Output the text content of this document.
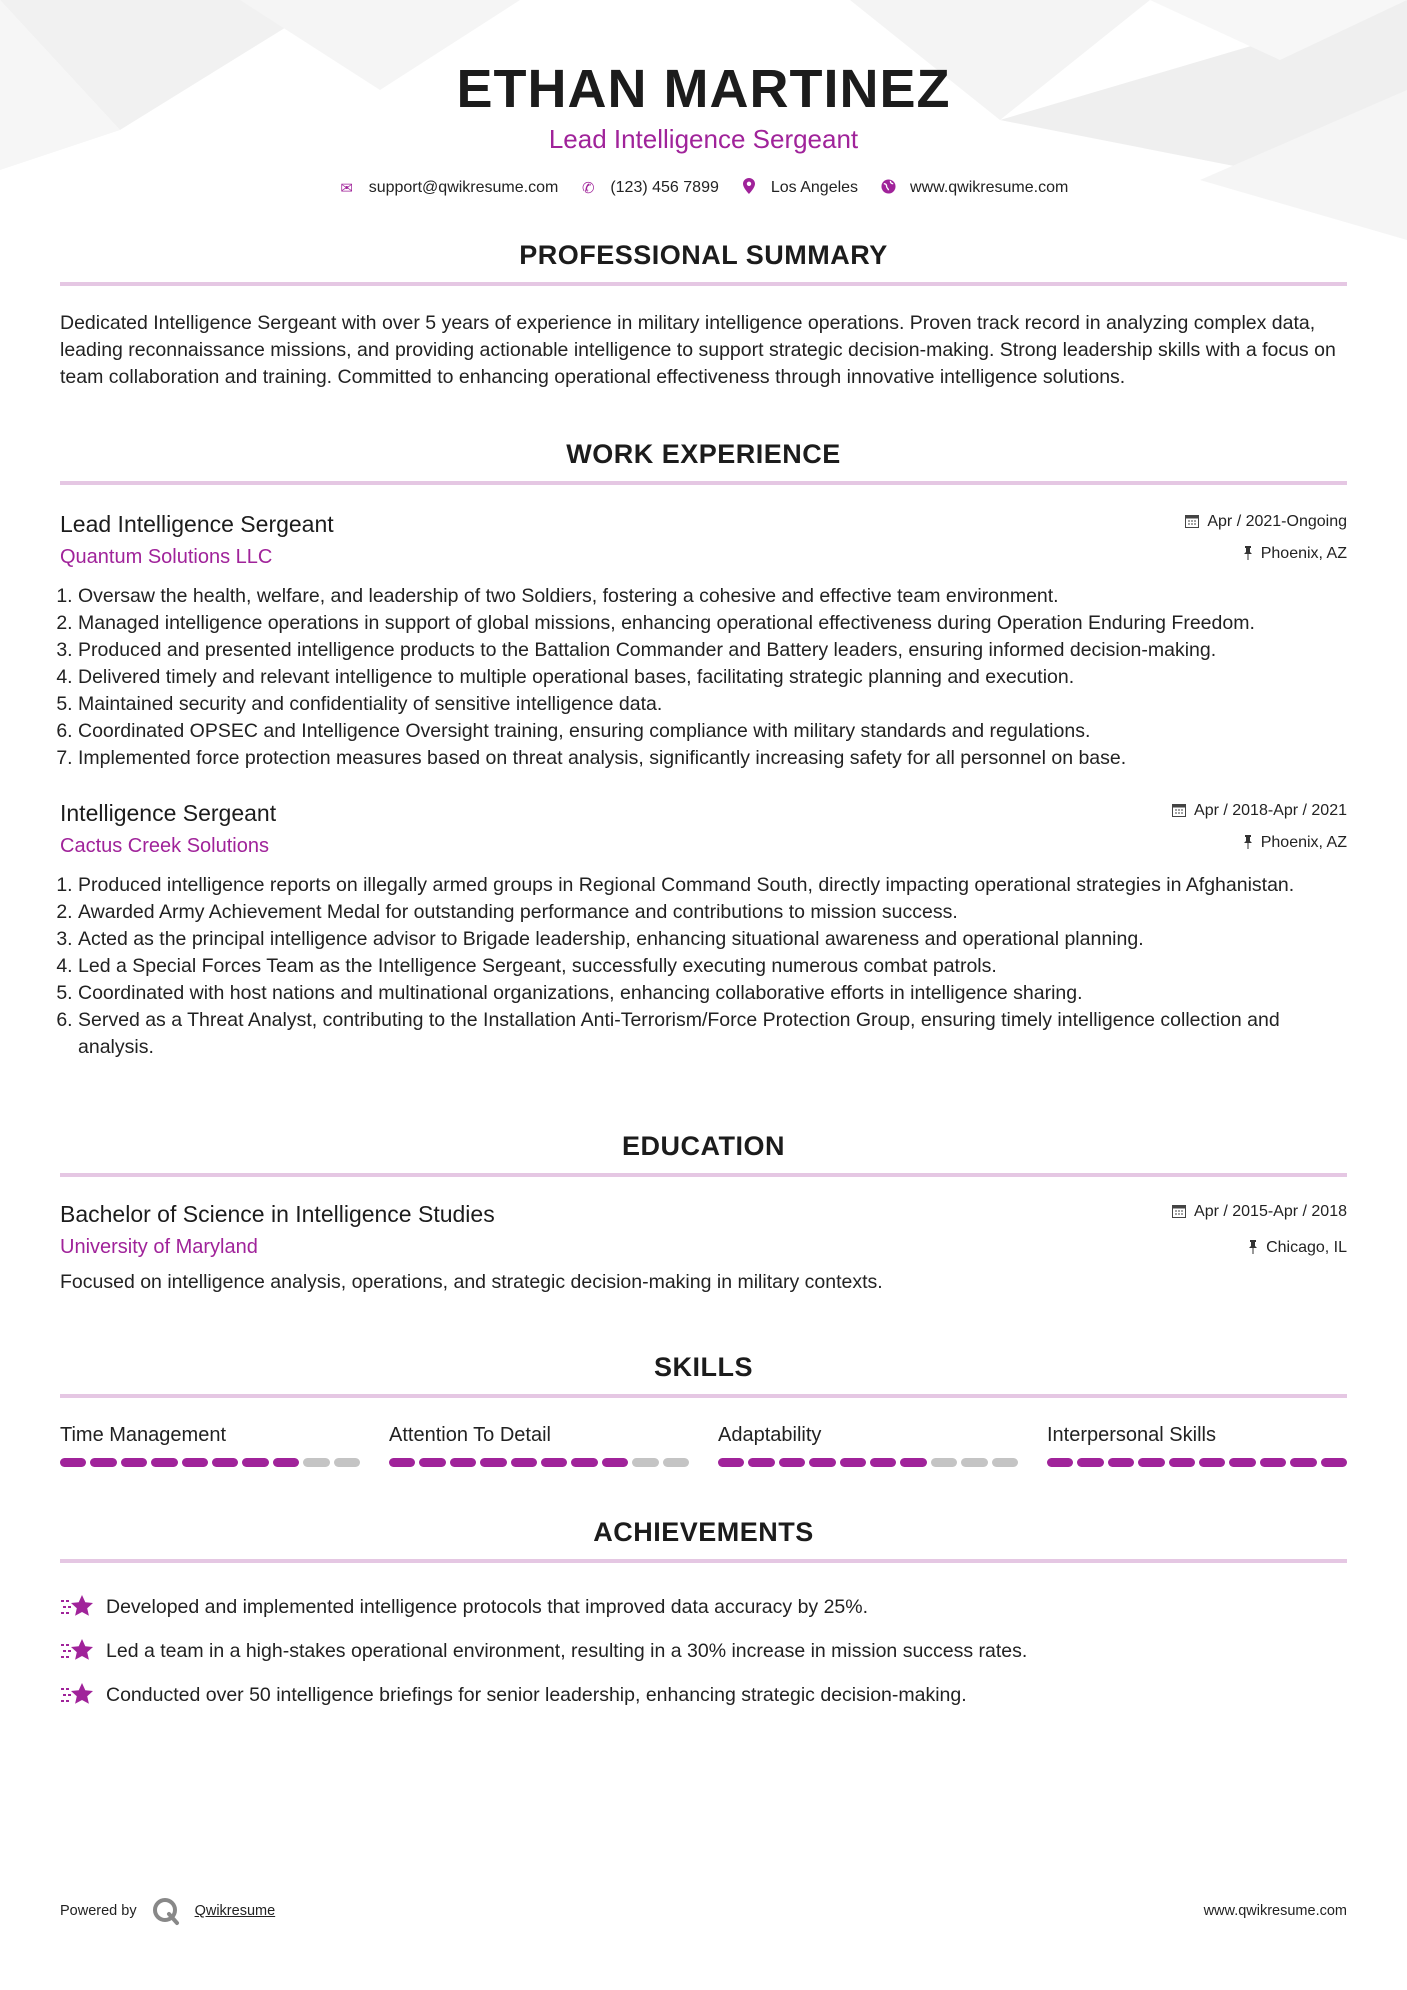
ETHAN MARTINEZ
Lead Intelligence Sergeant
✉ support@qwikresume.com ✆ (123) 456 7899	Los Angeles	www.qwikresume.com
PROFESSIONAL SUMMARY
Dedicated Intelligence Sergeant with over 5 years of experience in military intelligence operations. Proven track record in analyzing complex data, leading reconnaissance missions, and providing actionable intelligence to support strategic decision-making. Strong leadership skills with a focus on team collaboration and training. Committed to enhancing operational effectiveness through innovative intelligence solutions.
WORK EXPERIENCE
Lead Intelligence Sergeant
Quantum Solutions LLC
Apr / 2021-Ongoing
Phoenix, AZ
1. Oversaw the health, welfare, and leadership of two Soldiers, fostering a cohesive and effective team environment.
2. Managed intelligence operations in support of global missions, enhancing operational effectiveness during Operation Enduring Freedom.
3. Produced and presented intelligence products to the Battalion Commander and Battery leaders, ensuring informed decision-making.
4. Delivered timely and relevant intelligence to multiple operational bases, facilitating strategic planning and execution.
5. Maintained security and confidentiality of sensitive intelligence data.
6. Coordinated OPSEC and Intelligence Oversight training, ensuring compliance with military standards and regulations.
7. Implemented force protection measures based on threat analysis, significantly increasing safety for all personnel on base.
Intelligence Sergeant
Cactus Creek Solutions
Apr / 2018-Apr / 2021
Phoenix, AZ
1. Produced intelligence reports on illegally armed groups in Regional Command South, directly impacting operational strategies in Afghanistan.
2. Awarded Army Achievement Medal for outstanding performance and contributions to mission success.
3. Acted as the principal intelligence advisor to Brigade leadership, enhancing situational awareness and operational planning.
4. Led a Special Forces Team as the Intelligence Sergeant, successfully executing numerous combat patrols.
5. Coordinated with host nations and multinational organizations, enhancing collaborative efforts in intelligence sharing.
6. Served as a Threat Analyst, contributing to the Installation Anti-Terrorism/Force Protection Group, ensuring timely intelligence collection and analysis.
EDUCATION
Bachelor of Science in Intelligence Studies
University of Maryland
Apr / 2015-Apr / 2018
Chicago, IL
Focused on intelligence analysis, operations, and strategic decision-making in military contexts.
SKILLS
Time Management	Attention To Detail	Adaptability	Interpersonal Skills
ACHIEVEMENTS
Developed and implemented intelligence protocols that improved data accuracy by 25%.
Led a team in a high-stakes operational environment, resulting in a 30% increase in mission success rates.
Conducted over 50 intelligence briefings for senior leadership, enhancing strategic decision-making.
Powered by	Qwikresume	www.qwikresume.com
